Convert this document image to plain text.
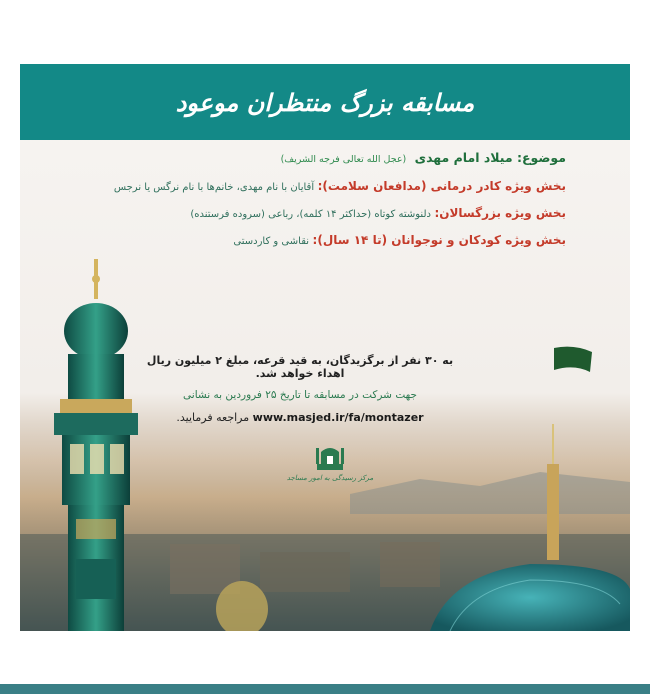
مسابقه بزرگ منتظران موعود
موضوع: میلاد امام مهدی (عجل الله تعالی فرجه الشریف)
بخش ویژه کادر درمانی (مدافعان سلامت): آقایان با نام مهدی، خانم‌ها با نام نرگس یا نرجس
بخش ویژه بزرگسالان: دلنوشته کوتاه (حداکثر ۱۴ کلمه)، رباعی (سروده فرستنده)
بخش ویژه کودکان و نوجوانان (تا ۱۴ سال): نقاشی و کاردستی
به ۳۰ نفر از برگزیدگان، به قید قرعه، مبلغ ۲ میلیون ریال اهداء خواهد شد.
جهت شرکت در مسابقه تا تاریخ ۲۵ فروردین به نشانی
www.masjed.ir/fa/montazer مراجعه فرمایید.
مرکز رسیدگی به امور مساجد
